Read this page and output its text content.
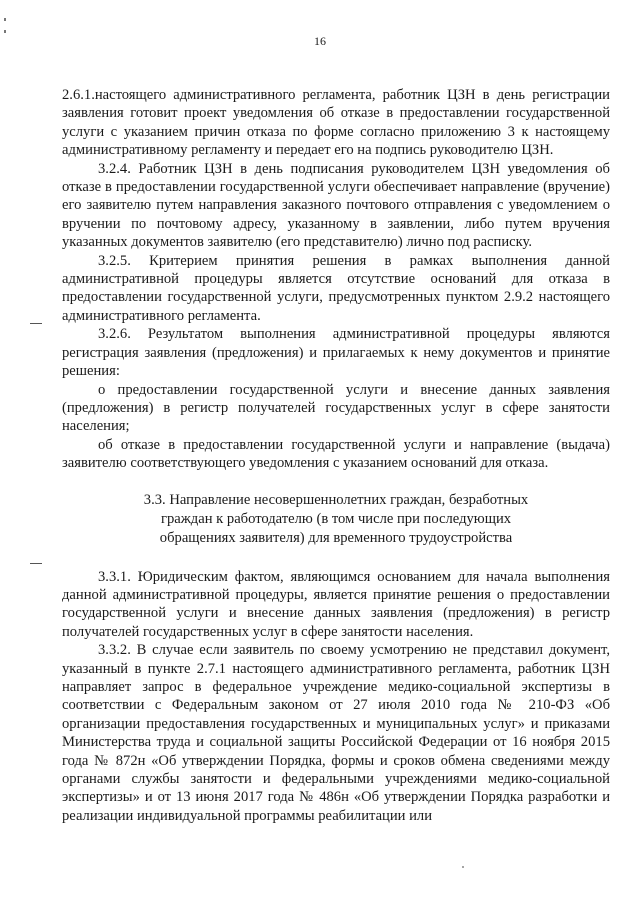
16

2.6.1.настоящего административного регламента, работник ЦЗН в день регистрации заявления готовит проект уведомления об отказе в предоставлении государственной услуги с указанием причин отказа по форме согласно приложению 3 к настоящему административному регламенту и передает его на подпись руководителю ЦЗН.

3.2.4. Работник ЦЗН в день подписания руководителем ЦЗН уведомления об отказе в предоставлении государственной услуги обеспечивает направление (вручение) его заявителю путем направления заказного почтового отправления с уведомлением о вручении по почтовому адресу, указанному в заявлении, либо путем вручения указанных документов заявителю (его представителю) лично под расписку.

3.2.5. Критерием принятия решения в рамках выполнения данной административной процедуры является отсутствие оснований для отказа в предоставлении государственной услуги, предусмотренных пунктом 2.9.2 настоящего административного регламента.

3.2.6. Результатом выполнения административной процедуры являются регистрация заявления (предложения) и прилагаемых к нему документов и принятие решения:

о предоставлении государственной услуги и внесение данных заявления (предложения) в регистр получателей государственных услуг в сфере занятости населения;

об отказе в предоставлении государственной услуги и направление (выдача) заявителю соответствующего уведомления с указанием оснований для отказа.

3.3. Направление несовершеннолетних граждан, безработных
граждан к работодателю (в том числе при последующих
обращениях заявителя) для временного трудоустройства

3.3.1. Юридическим фактом, являющимся основанием для начала выполнения данной административной процедуры, является принятие решения о предоставлении государственной услуги и внесение данных заявления (предложения) в регистр получателей государственных услуг в сфере занятости населения.

3.3.2. В случае если заявитель по своему усмотрению не представил документ, указанный в пункте 2.7.1 настоящего административного регламента, работник ЦЗН направляет запрос в федеральное учреждение медико-социальной экспертизы в соответствии с Федеральным законом от 27 июля 2010 года № 210-ФЗ «Об организации предоставления государственных и муниципальных услуг» и приказами Министерства труда и социальной защиты Российской Федерации от 16 ноября 2015 года № 872н «Об утверждении Порядка, формы и сроков обмена сведениями между органами службы занятости и федеральными учреждениями медико-социальной экспертизы» и от 13 июня 2017 года № 486н «Об утверждении Порядка разработки и реализации индивидуальной программы реабилитации или
